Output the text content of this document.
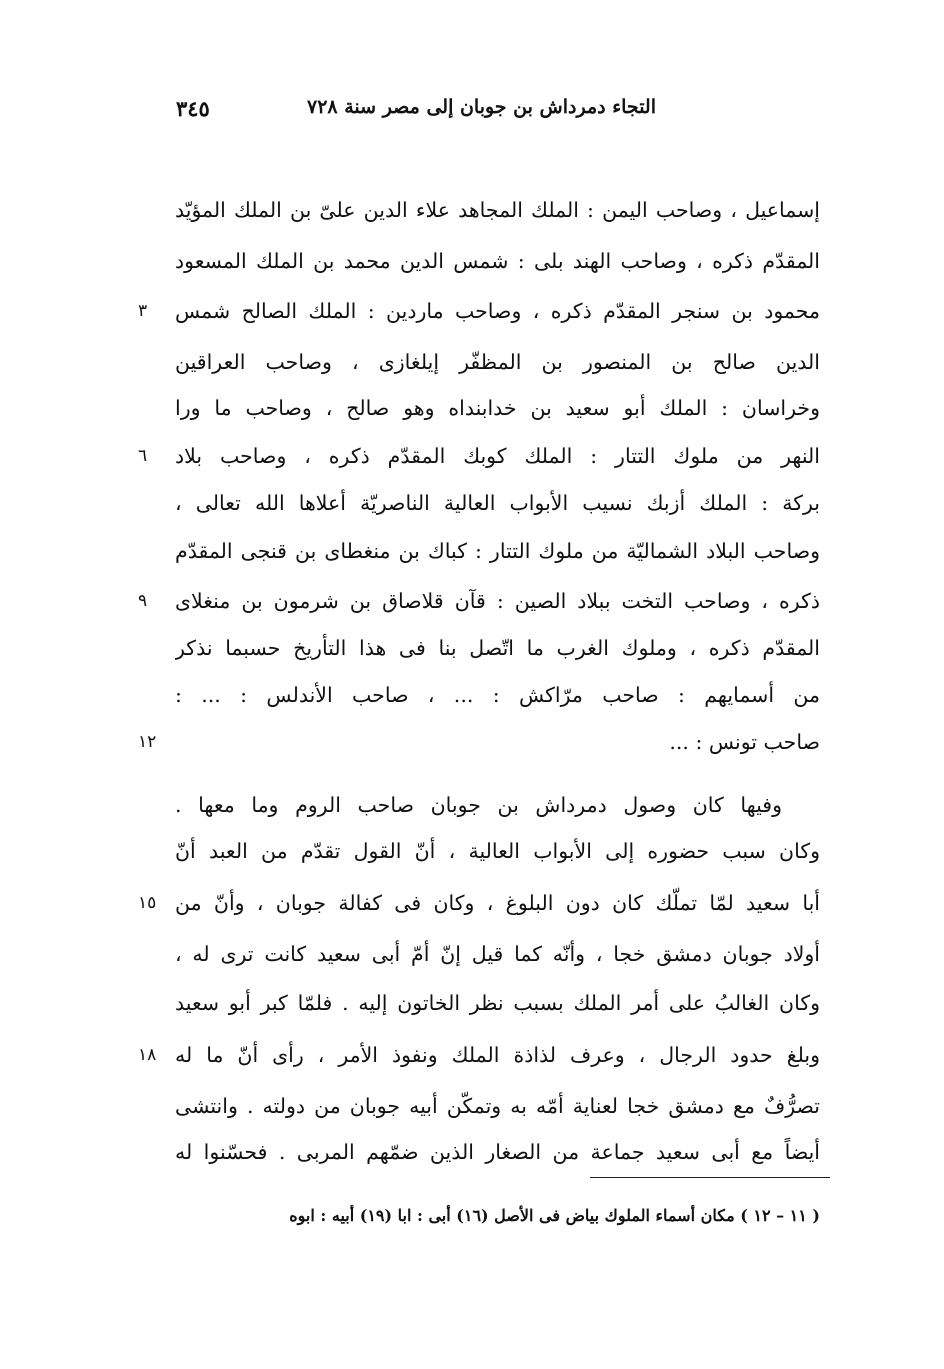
التجاء دمرداش بن جوبان إلى مصر سنة ٧٢٨
٣٤٥
إسماعيل ، وصاحب اليمن : الملك المجاهد علاء الدين علىّ بن الملك المؤيّد
المقدّم ذكره ، وصاحب الهند بلى : شمس الدين محمد بن الملك المسعود
محمود بن سنجر المقدّم ذكره ، وصاحب ماردين : الملك الصالح شمس
الدين صالح بن المنصور بن المظفّر إيلغازى ، وصاحب العراقين
وخراسان : الملك أبو سعيد بن خدابنداه وهو صالح ، وصاحب ما ورا
النهر من ملوك التتار : الملك كوبك المقدّم ذكره ، وصاحب بلاد
بركة : الملك أزبك نسيب الأبواب العالية الناصريّة أعلاها الله تعالى ،
وصاحب البلاد الشماليّة من ملوك التتار : كباك بن منغطاى بن قنجى المقدّم
ذكره ، وصاحب التخت ببلاد الصين : قآن قلاصاق بن شرمون بن منغلاى
المقدّم ذكره ، وملوك الغرب ما اتّصل بنا فى هذا التأريخ حسبما نذكر
من أسمايهم : صاحب مرّاكش : ... ، صاحب الأندلس : ... :
صاحب تونس : ...
وفيها كان وصول دمرداش بن جوبان صاحب الروم وما معها .
وكان سبب حضوره إلى الأبواب العالية ، أنّ القول تقدّم من العبد أنّ
أبا سعيد لمّا تملّك كان دون البلوغ ، وكان فى كفالة جوبان ، وأنّ من
أولاد جوبان دمشق خجا ، وأنّه كما قيل إنّ أمّ أبى سعيد كانت ترى له ،
وكان الغالبُ على أمر الملك بسبب نظر الخاتون إليه . فلمّا كبر أبو سعيد
وبلغ حدود الرجال ، وعرف لذاذة الملك ونفوذ الأمر ، رأى أنّ ما له
تصرُّفٌ مع دمشق خجا لعناية أمّه به وتمكّن أبيه جوبان من دولته . وانتشى
أيضاً مع أبى سعيد جماعة من الصغار الذين ضمّهم المربى . فحسّنوا له
٣
٦
٩
١٢
١٥
١٨
( ١١ – ١٢ ) مكان أسماء الملوك بياض فى الأصل (١٦) أبى : ابا (١٩) أبيه : ابوه
